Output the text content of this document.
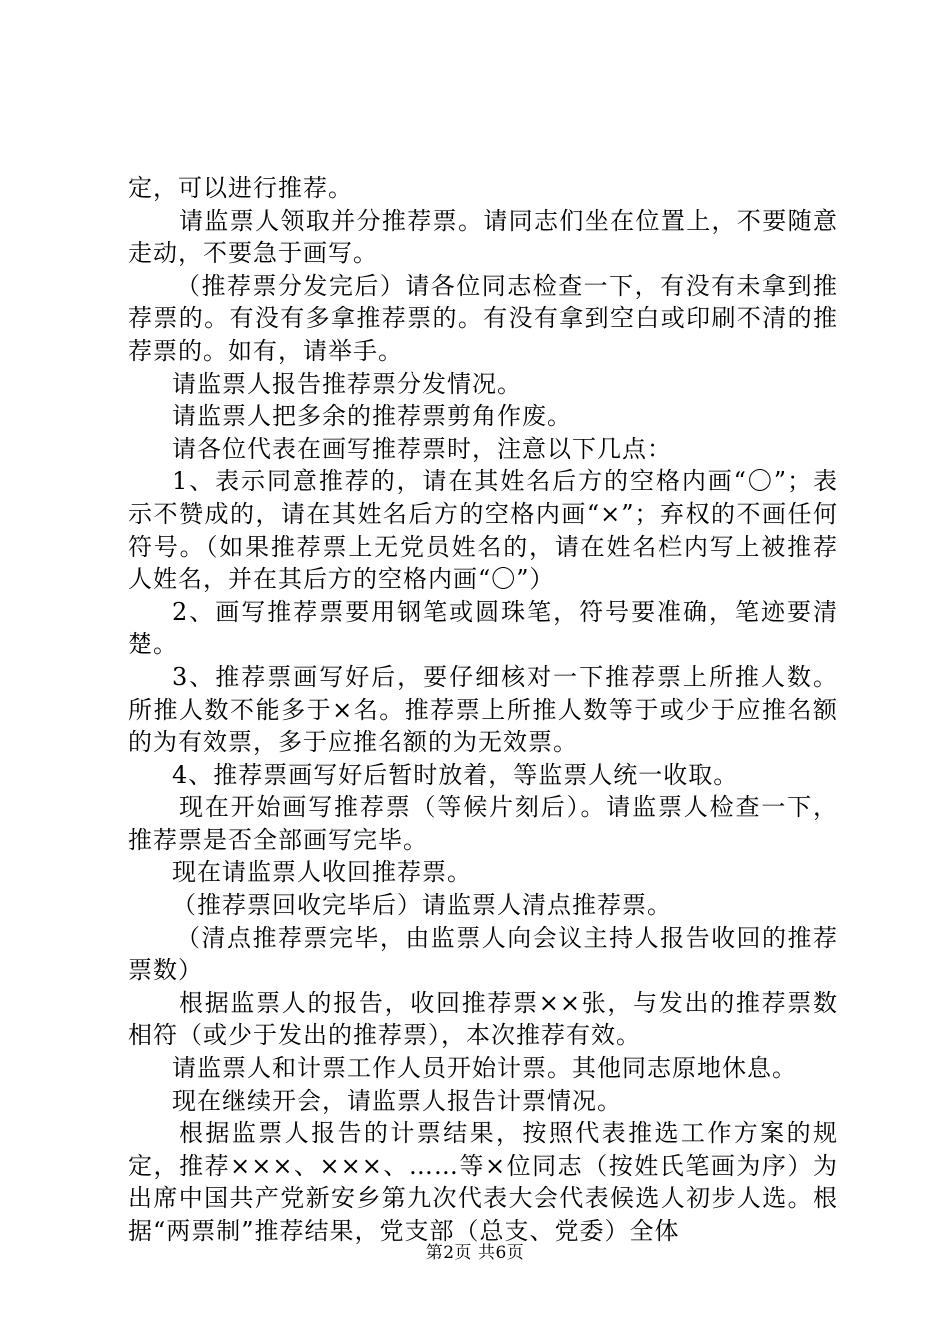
定，可以进行推荐。

请监票人领取并分推荐票。请同志们坐在位置上，不要随意走动，不要急于画写。

（推荐票分发完后）请各位同志检查一下，有没有未拿到推荐票的。有没有多拿推荐票的。有没有拿到空白或印刷不清的推荐票的。如有，请举手。

请监票人报告推荐票分发情况。

请监票人把多余的推荐票剪角作废。

请各位代表在画写推荐票时，注意以下几点：

1、表示同意推荐的，请在其姓名后方的空格内画“〇”；表示不赞成的，请在其姓名后方的空格内画“×”；弃权的不画任何符号。（如果推荐票上无党员姓名的，请在姓名栏内写上被推荐人姓名，并在其后方的空格内画“〇”）

2、画写推荐票要用钢笔或圆珠笔，符号要准确，笔迹要清楚。

3、推荐票画写好后，要仔细核对一下推荐票上所推人数。所推人数不能多于×名。推荐票上所推人数等于或少于应推名额的为有效票，多于应推名额的为无效票。

4、推荐票画写好后暂时放着，等监票人统一收取。

现在开始画写推荐票（等候片刻后）。请监票人检查一下，推荐票是否全部画写完毕。

现在请监票人收回推荐票。

（推荐票回收完毕后）请监票人清点推荐票。

（清点推荐票完毕，由监票人向会议主持人报告收回的推荐票数）

根据监票人的报告，收回推荐票××张，与发出的推荐票数相符（或少于发出的推荐票），本次推荐有效。

请监票人和计票工作人员开始计票。其他同志原地休息。

现在继续开会，请监票人报告计票情况。

根据监票人报告的计票结果，按照代表推选工作方案的规定，推荐×××、×××、……等×位同志（按姓氏笔画为序）为出席中国共产党新安乡第九次代表大会代表候选人初步人选。根据“两票制”推荐结果，党支部（总支、党委）全体

第2页 共6页
